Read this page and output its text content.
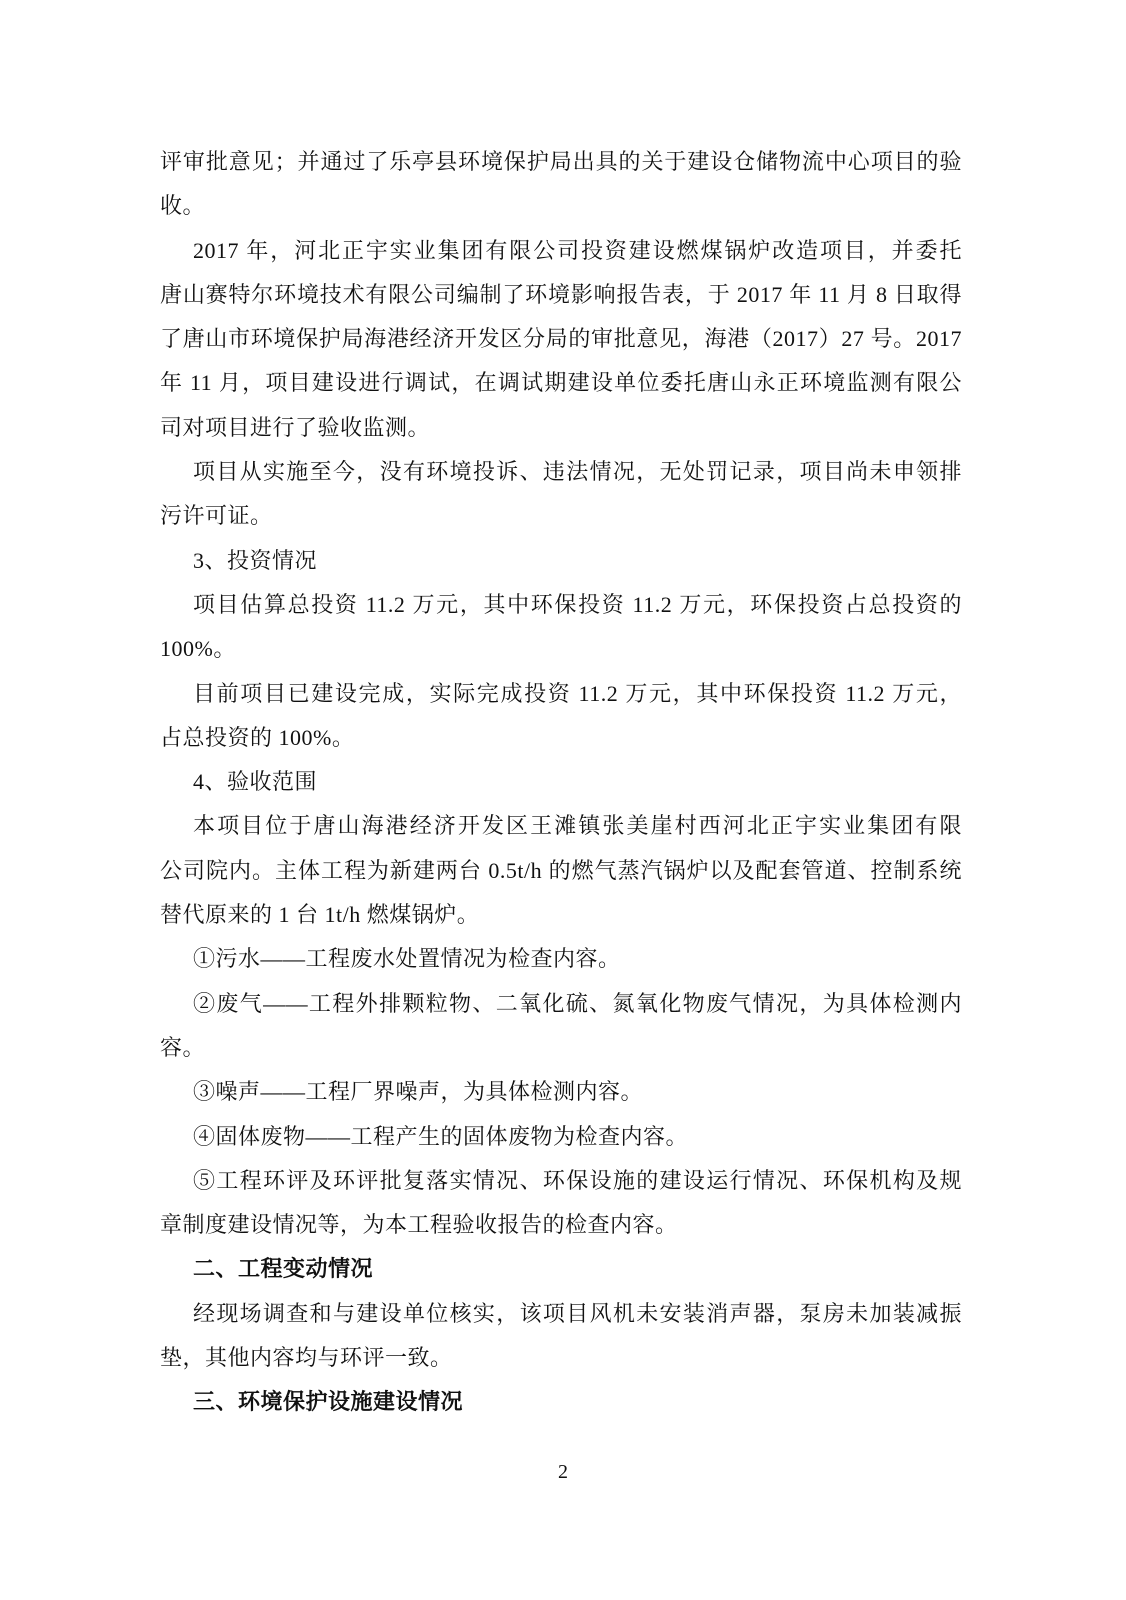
评审批意见；并通过了乐亭县环境保护局出具的关于建设仓储物流中心项目的验
收。
2017 年，河北正宇实业集团有限公司投资建设燃煤锅炉改造项目，并委托
唐山赛特尔环境技术有限公司编制了环境影响报告表，于 2017 年 11 月 8 日取得
了唐山市环境保护局海港经济开发区分局的审批意见，海港（2017）27 号。2017
年 11 月，项目建设进行调试，在调试期建设单位委托唐山永正环境监测有限公
司对项目进行了验收监测。
项目从实施至今，没有环境投诉、违法情况，无处罚记录，项目尚未申领排
污许可证。
3、投资情况
项目估算总投资 11.2 万元，其中环保投资 11.2 万元，环保投资占总投资的
100%。
目前项目已建设完成，实际完成投资 11.2 万元，其中环保投资 11.2 万元，
占总投资的 100%。
4、验收范围
本项目位于唐山海港经济开发区王滩镇张美崖村西河北正宇实业集团有限
公司院内。主体工程为新建两台 0.5t/h 的燃气蒸汽锅炉以及配套管道、控制系统
替代原来的 1 台 1t/h 燃煤锅炉。
①污水——工程废水处置情况为检查内容。
②废气——工程外排颗粒物、二氧化硫、氮氧化物废气情况，为具体检测内
容。
③噪声——工程厂界噪声，为具体检测内容。
④固体废物——工程产生的固体废物为检查内容。
⑤工程环评及环评批复落实情况、环保设施的建设运行情况、环保机构及规
章制度建设情况等，为本工程验收报告的检查内容。
二、工程变动情况
经现场调查和与建设单位核实，该项目风机未安装消声器，泵房未加装减振
垫，其他内容均与环评一致。
三、环境保护设施建设情况
2
